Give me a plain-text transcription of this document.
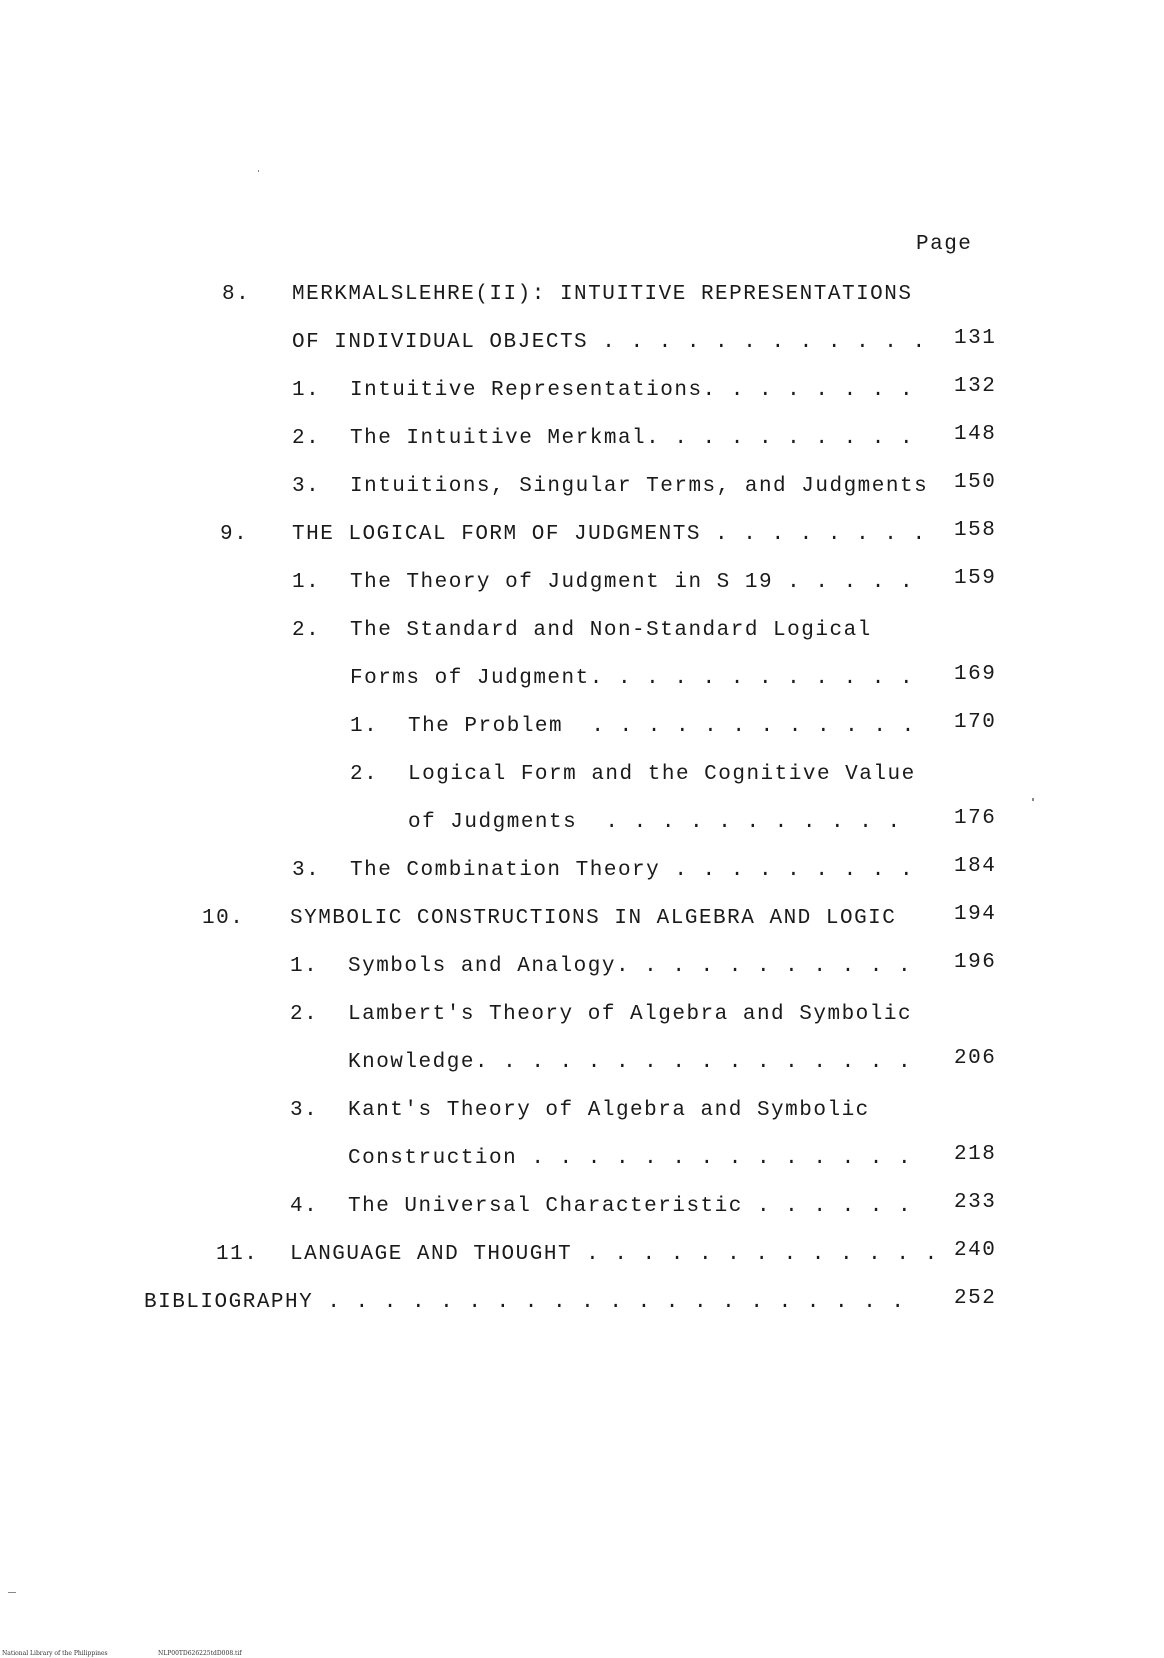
Page
8. MERKMALSLEHRE(II): INTUITIVE REPRESENTATIONS
OF INDIVIDUAL OBJECTS . . . . . . . . . . . . 131
1. Intuitive Representations. . . . . . . . 132
2. The Intuitive Merkmal. . . . . . . . . . 148
3. Intuitions, Singular Terms, and Judgments 150
9. THE LOGICAL FORM OF JUDGMENTS . . . . . . . . 158
1. The Theory of Judgment in S 19 . . . . . 159
2. The Standard and Non-Standard Logical
Forms of Judgment. . . . . . . . . . . . 169
1. The Problem  . . . . . . . . . . . . 170
2. Logical Form and the Cognitive Value
of Judgments  . . . . . . . . . . . 176
3. The Combination Theory . . . . . . . . . 184
10. SYMBOLIC CONSTRUCTIONS IN ALGEBRA AND LOGIC	194
1. Symbols and Analogy. . . . . . . . . . . 196
2. Lambert's Theory of Algebra and Symbolic
Knowledge. . . . . . . . . . . . . . . . 206
3. Kant's Theory of Algebra and Symbolic
Construction . . . . . . . . . . . . . . 218
4. The Universal Characteristic . . . . . . 233
11. LANGUAGE AND THOUGHT . . . . . . . . . . . . . 240
BIBLIOGRAPHY . . . . . . . . . . . . . . . . . . . . . 252
National Library of the Philippines	NLP00TD626225tdD008.tif
